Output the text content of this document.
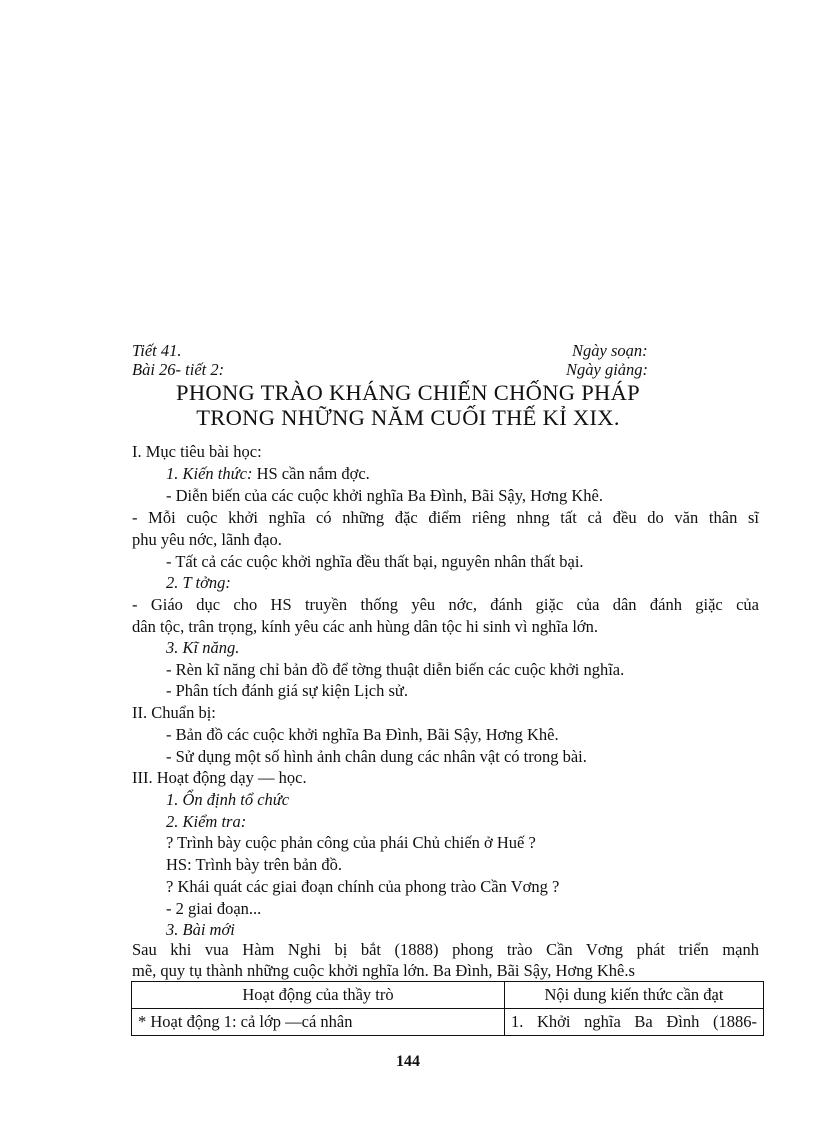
Tiết 41.	Ngày soạn:
Bài 26- tiết 2:	Ngày giảng:
PHONG TRÀO KHÁNG CHIẾN CHỐNG PHÁP
TRONG NHỮNG NĂM CUỐI THẾ KỈ XIX.
I. Mục tiêu bài học:
1. Kiến thức: HS cần nắm đợc.
- Diễn biến của các cuộc khởi nghĩa Ba Đình, Bãi Sậy, Hơng Khê.
- Mỗi cuộc khởi nghĩa có những đặc điểm riêng nhng tất cả đều do văn thân sĩ
phu yêu nớc, lãnh đạo.
- Tất cả các cuộc khởi nghĩa đều thất bại, nguyên nhân thất bại.
2. T tởng:
- Giáo dục cho HS truyền thống yêu nớc, đánh giặc của dân đánh giặc của
dân tộc, trân trọng, kính yêu các anh hùng dân tộc hi sinh vì nghĩa lớn.
3. Kĩ năng.
- Rèn kĩ năng chỉ bản đồ để tờng thuật diễn biến các cuộc khởi nghĩa.
- Phân tích đánh giá sự kiện Lịch sử.
II. Chuẩn bị:
- Bản đồ các cuộc khởi nghĩa Ba Đình, Bãi Sậy, Hơng Khê.
- Sử dụng một số hình ảnh chân dung các nhân vật có trong bài.
III. Hoạt động dạy — học.
1. Ổn định tổ chức
2. Kiểm tra:
? Trình bày cuộc phản công của phái Chủ chiến ở Huế ?
HS: Trình bày trên bản đồ.
? Khái quát các giai đoạn chính của phong trào Cần Vơng ?
- 2 giai đoạn...
3. Bài mới
Sau khi vua Hàm Nghi bị bắt (1888) phong trào Cần Vơng phát triển mạnh
mẽ, quy tụ thành những cuộc khởi nghĩa lớn. Ba Đình, Bãi Sậy, Hơng Khê.s
Hoạt động của thầy trò	Nội dung kiến thức cần đạt
* Hoạt động 1: cả lớp —cá nhân	1. Khởi nghĩa Ba Đình (1886-
144
